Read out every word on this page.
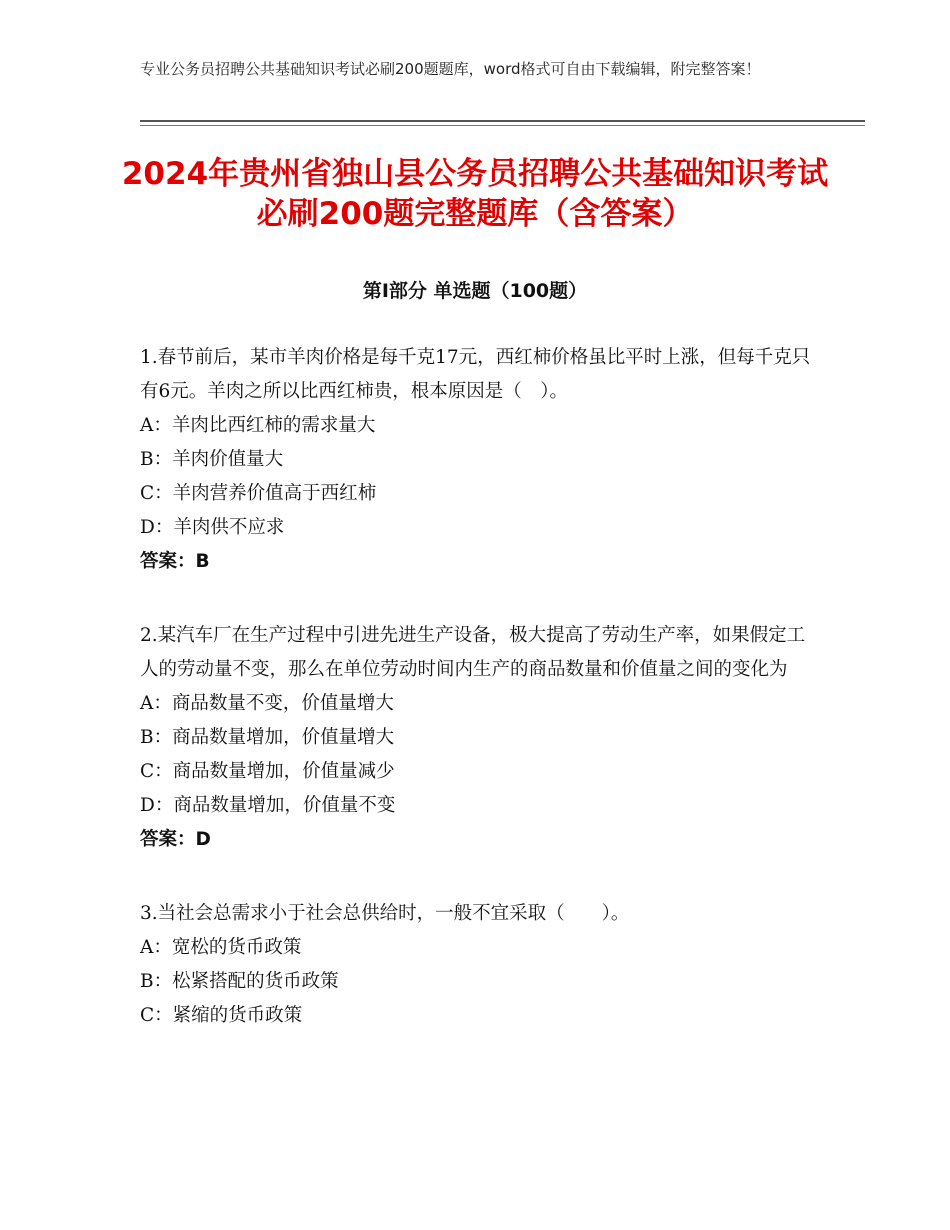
专业公务员招聘公共基础知识考试必刷200题题库，word格式可自由下载编辑，附完整答案！
2024年贵州省独山县公务员招聘公共基础知识考试必刷200题完整题库（含答案）
第Ⅰ部分 单选题（100题）

1.春节前后，某市羊肉价格是每千克17元，西红柿价格虽比平时上涨，但每千克只有6元。羊肉之所以比西红柿贵，根本原因是（　）。

A：羊肉比西红柿的需求量大
B：羊肉价值量大
C：羊肉营养价值高于西红柿
D：羊肉供不应求
答案：B

2.某汽车厂在生产过程中引进先进生产设备，极大提高了劳动生产率，如果假定工人的劳动量不变，那么在单位劳动时间内生产的商品数量和价值量之间的变化为

A：商品数量不变，价值量增大
B：商品数量增加，价值量增大
C：商品数量增加，价值量减少
D：商品数量增加，价值量不变
答案：D

3.当社会总需求小于社会总供给时，一般不宜采取（　　）。

A：宽松的货币政策
B：松紧搭配的货币政策
C：紧缩的货币政策
